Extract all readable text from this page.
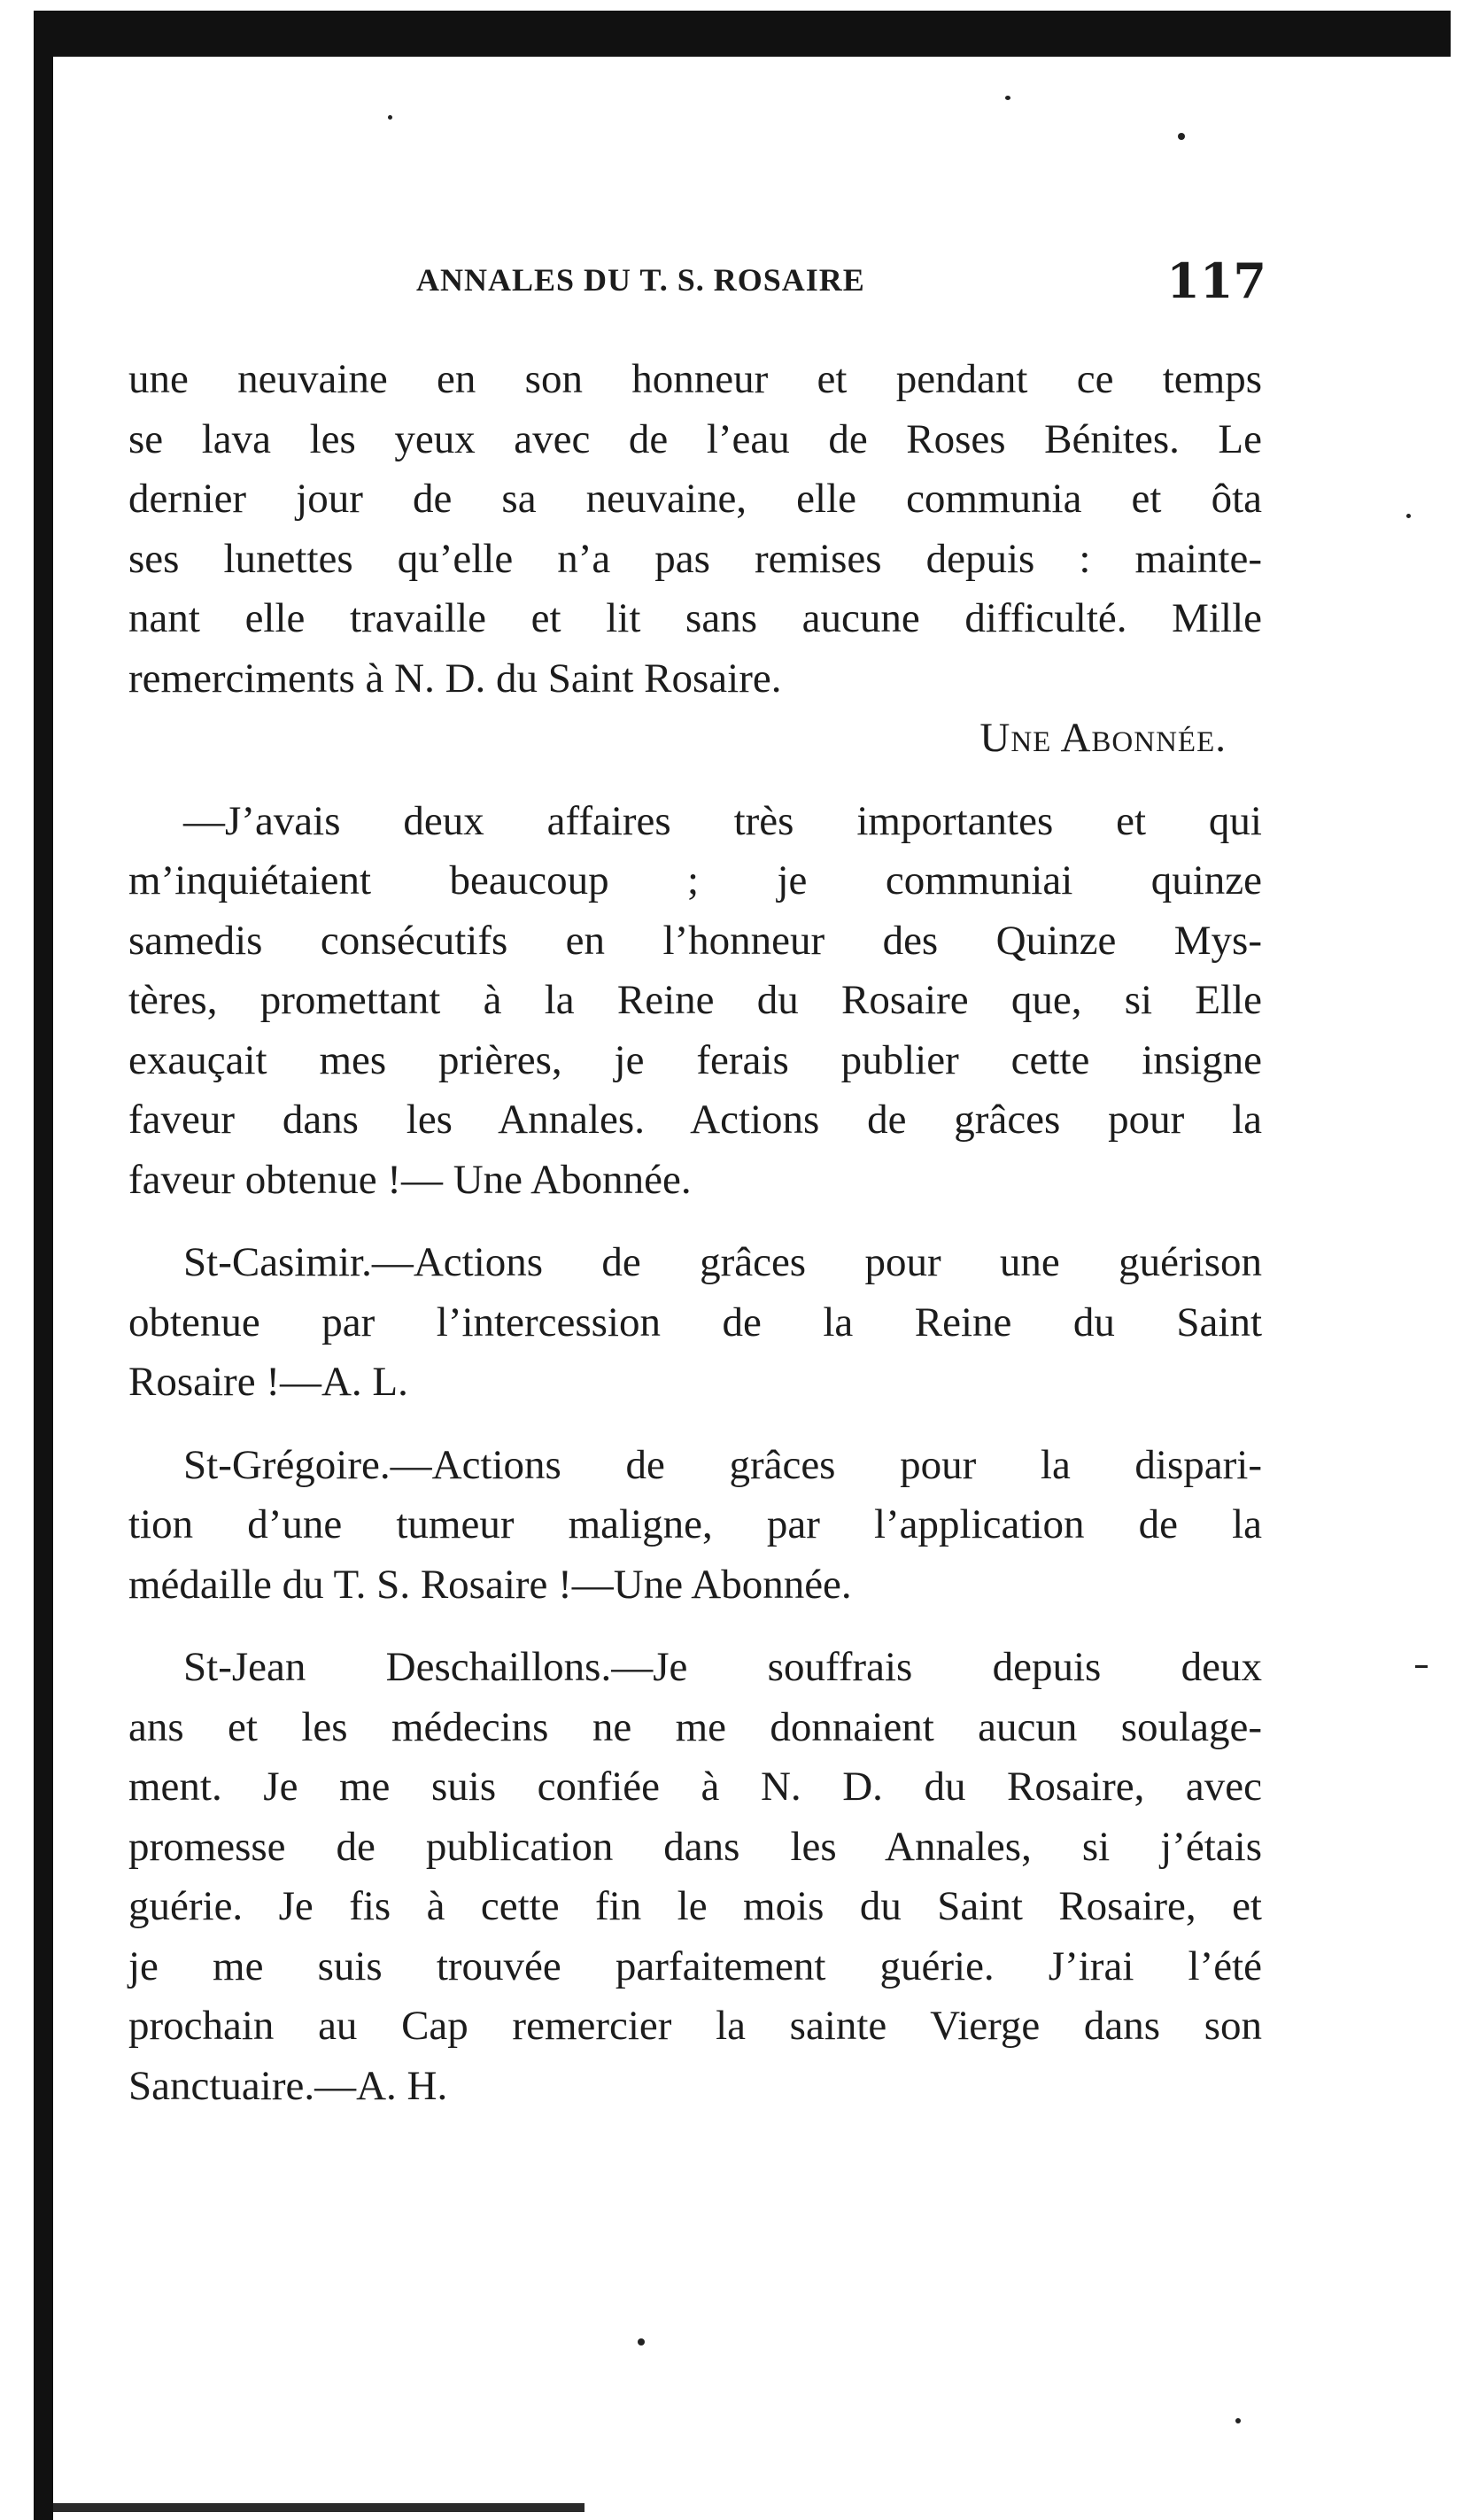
ANNALES DU T. S. ROSAIRE	117

une neuvaine en son honneur et pendant ce temps
se lava les yeux avec de l’eau de Roses Bénites. Le
dernier jour de sa neuvaine, elle communia et ôta
ses lunettes qu’elle n’a pas remises depuis : mainte-
nant elle travaille et lit sans aucune difficulté. Mille
remerciments à N. D. du Saint Rosaire.

Une Abonnée.

—J’avais deux affaires très importantes et qui
m’inquiétaient beaucoup ; je communiai quinze
samedis consécutifs en l’honneur des Quinze Mys-
tères, promettant à la Reine du Rosaire que, si Elle
exauçait mes prières, je ferais publier cette insigne
faveur dans les Annales. Actions de grâces pour la
faveur obtenue !— Une Abonnée.

St-Casimir.—Actions de grâces pour une guérison
obtenue par l’intercession de la Reine du Saint
Rosaire !—A. L.

St-Grégoire.—Actions de grâces pour la dispari-
tion d’une tumeur maligne, par l’application de la
médaille du T. S. Rosaire !—Une Abonnée.

St-Jean Deschaillons.—Je souffrais depuis deux
ans et les médecins ne me donnaient aucun soulage-
ment. Je me suis confiée à N. D. du Rosaire, avec
promesse de publication dans les Annales, si j’étais
guérie. Je fis à cette fin le mois du Saint Rosaire, et
je me suis trouvée parfaitement guérie. J’irai l’été
prochain au Cap remercier la sainte Vierge dans son
Sanctuaire.—A. H.
